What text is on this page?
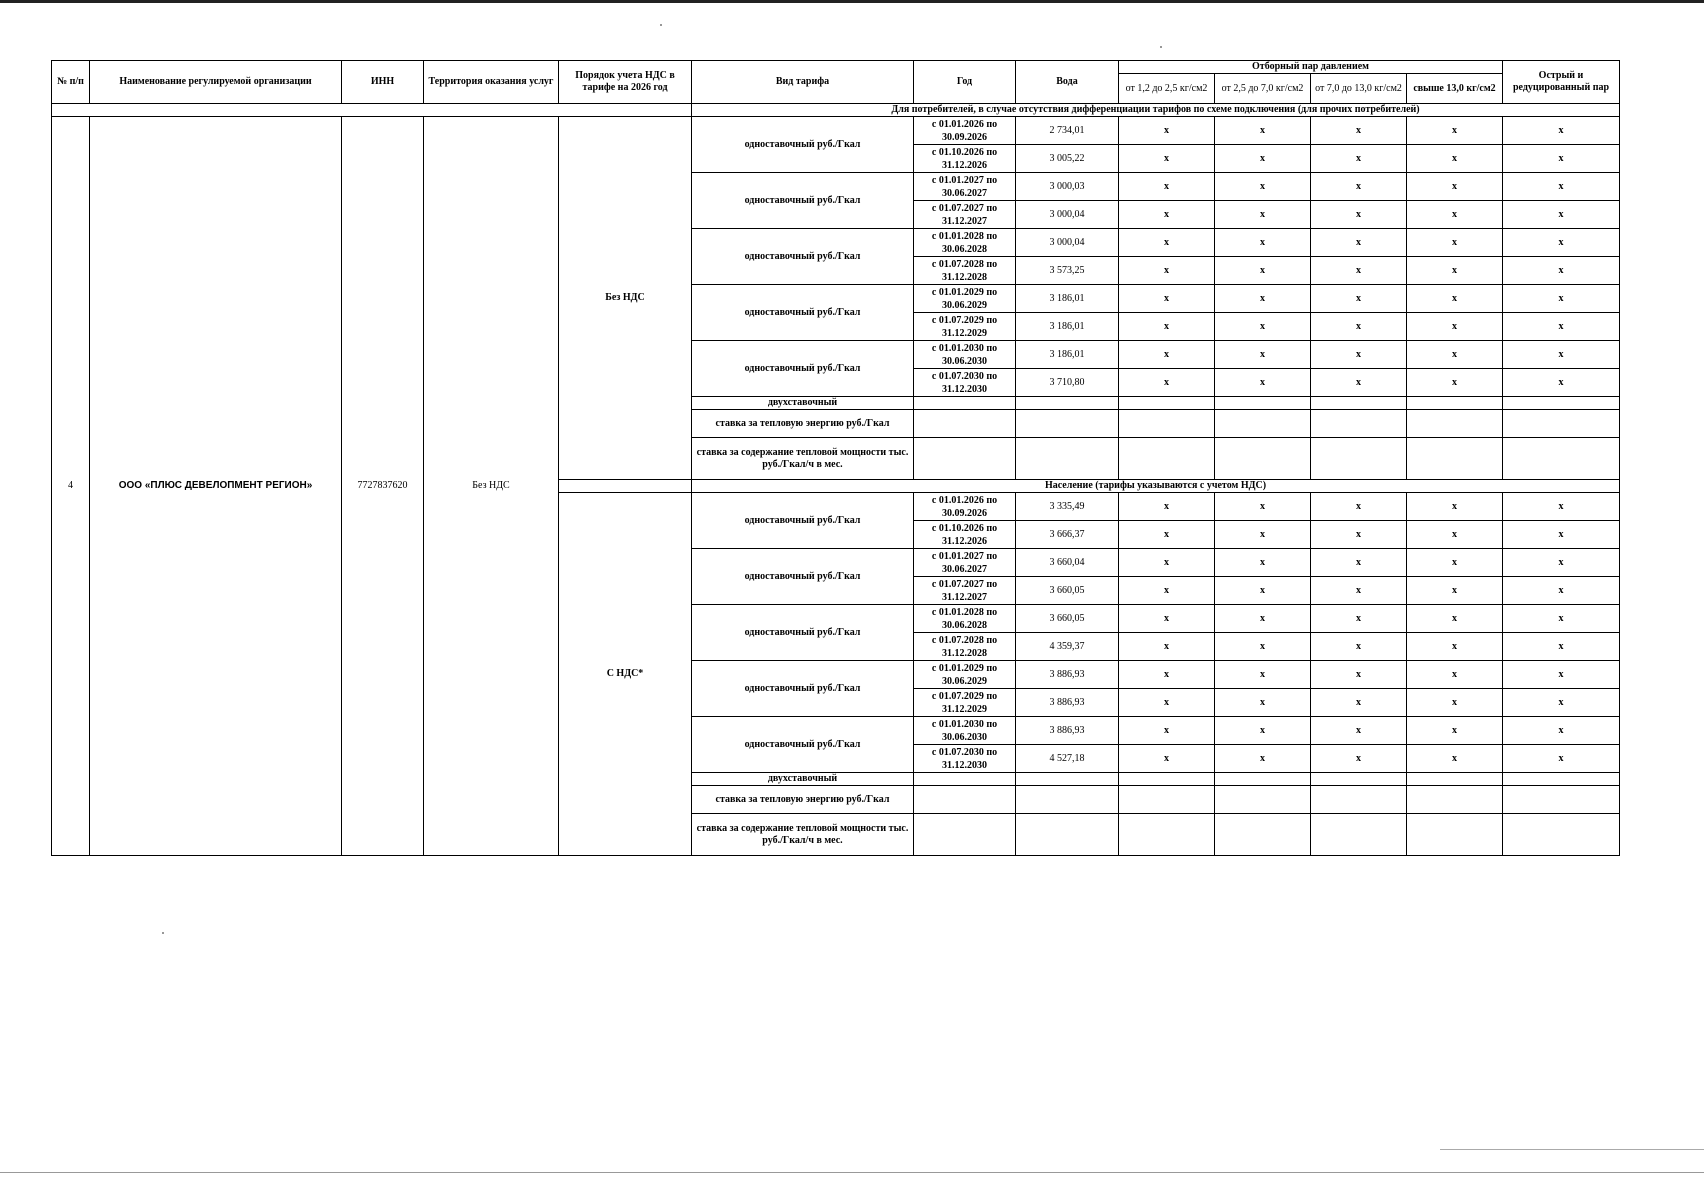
№ п/п	Наименование регулируемой организации	ИНН	Территория оказания услуг	Порядок учета НДС в тарифе на 2026 год	Вид тарифа	Год	Вода	Отборный пар давлением				Острый и редуцированный пар
								от 1,2 до 2,5 кг/см2	от 2,5 до 7,0 кг/см2	от 7,0 до 13,0 кг/см2	свыше 13,0 кг/см2	
					Для потребителей, в случае отсутствия дифференциации тарифов по схеме подключения (для прочих потребителей)							
4	ООО «ПЛЮС ДЕВЕЛОПМЕНТ РЕГИОН»	7727837620	Без НДС	Без НДС	одноставочный руб./Гкал	с 01.01.2026 по 30.09.2026	2 734,01	x	x	x	x	x
						с 01.10.2026 по 31.12.2026	3 005,22	x	x	x	x	x
					одноставочный руб./Гкал	с 01.01.2027 по 30.06.2027	3 000,03	x	x	x	x	x
						с 01.07.2027 по 31.12.2027	3 000,04	x	x	x	x	x
					одноставочный руб./Гкал	с 01.01.2028 по 30.06.2028	3 000,04	x	x	x	x	x
						с 01.07.2028 по 31.12.2028	3 573,25	x	x	x	x	x
					одноставочный руб./Гкал	с 01.01.2029 по 30.06.2029	3 186,01	x	x	x	x	x
						с 01.07.2029 по 31.12.2029	3 186,01	x	x	x	x	x
					одноставочный руб./Гкал	с 01.01.2030 по 30.06.2030	3 186,01	x	x	x	x	x
						с 01.07.2030 по 31.12.2030	3 710,80	x	x	x	x	x
					двухставочный							
					ставка за тепловую энергию руб./Гкал							
					ставка за содержание тепловой мощности тыс. руб./Гкал/ч в мес.							
					Население (тарифы указываются с учетом НДС)							
				С НДС*	одноставочный руб./Гкал	с 01.01.2026 по 30.09.2026	3 335,49	x	x	x	x	x
						с 01.10.2026 по 31.12.2026	3 666,37	x	x	x	x	x
					одноставочный руб./Гкал	с 01.01.2027 по 30.06.2027	3 660,04	x	x	x	x	x
						с 01.07.2027 по 31.12.2027	3 660,05	x	x	x	x	x
					одноставочный руб./Гкал	с 01.01.2028 по 30.06.2028	3 660,05	x	x	x	x	x
						с 01.07.2028 по 31.12.2028	4 359,37	x	x	x	x	x
					одноставочный руб./Гкал	с 01.01.2029 по 30.06.2029	3 886,93	x	x	x	x	x
						с 01.07.2029 по 31.12.2029	3 886,93	x	x	x	x	x
					одноставочный руб./Гкал	с 01.01.2030 по 30.06.2030	3 886,93	x	x	x	x	x
						с 01.07.2030 по 31.12.2030	4 527,18	x	x	x	x	x
					двухставочный							
					ставка за тепловую энергию руб./Гкал							
					ставка за содержание тепловой мощности тыс. руб./Гкал/ч в мес.							
